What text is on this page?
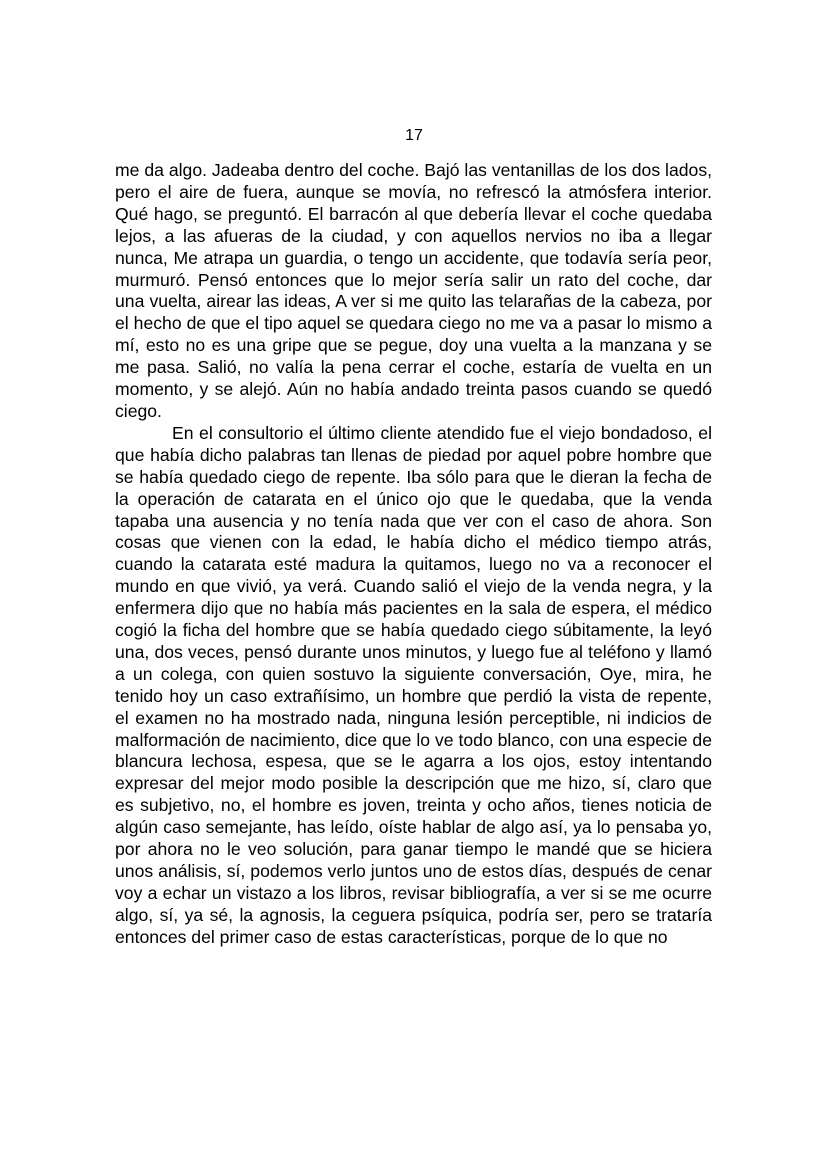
17

me da algo. Jadeaba dentro del coche. Bajó las ventanillas de los dos lados, pero el aire de fuera, aunque se movía, no refrescó la atmósfera interior. Qué hago, se preguntó. El barracón al que debería llevar el coche quedaba lejos, a las afueras de la ciudad, y con aquellos nervios no iba a llegar nunca, Me atrapa un guardia, o tengo un accidente, que todavía sería peor, murmuró. Pensó entonces que lo mejor sería salir un rato del coche, dar una vuelta, airear las ideas, A ver si me quito las telarañas de la cabeza, por el hecho de que el tipo aquel se quedara ciego no me va a pasar lo mismo a mí, esto no es una gripe que se pegue, doy una vuelta a la manzana y se me pasa. Salió, no valía la pena cerrar el coche, estaría de vuelta en un momento, y se alejó. Aún no había andado treinta pasos cuando se quedó ciego.

En el consultorio el último cliente atendido fue el viejo bondadoso, el que había dicho palabras tan llenas de piedad por aquel pobre hombre que se había quedado ciego de repente. Iba sólo para que le dieran la fecha de la operación de catarata en el único ojo que le quedaba, que la venda tapaba una ausencia y no tenía nada que ver con el caso de ahora. Son cosas que vienen con la edad, le había dicho el médico tiempo atrás, cuando la catarata esté madura la quitamos, luego no va a reconocer el mundo en que vivió, ya verá. Cuando salió el viejo de la venda negra, y la enfermera dijo que no había más pacientes en la sala de espera, el médico cogió la ficha del hombre que se había quedado ciego súbitamente, la leyó una, dos veces, pensó durante unos minutos, y luego fue al teléfono y llamó a un colega, con quien sostuvo la siguiente conversación, Oye, mira, he tenido hoy un caso extrañísimo, un hombre que perdió la vista de repente, el examen no ha mostrado nada, ninguna lesión perceptible, ni indicios de malformación de nacimiento, dice que lo ve todo blanco, con una especie de blancura lechosa, espesa, que se le agarra a los ojos, estoy intentando expresar del mejor modo posible la descripción que me hizo, sí, claro que es subjetivo, no, el hombre es joven, treinta y ocho años, tienes noticia de algún caso semejante, has leído, oíste hablar de algo así, ya lo pensaba yo, por ahora no le veo solución, para ganar tiempo le mandé que se hiciera unos análisis, sí, podemos verlo juntos uno de estos días, después de cenar voy a echar un vistazo a los libros, revisar bibliografía, a ver si se me ocurre algo, sí, ya sé, la agnosis, la ceguera psíquica, podría ser, pero se trataría entonces del primer caso de estas características, porque de lo que no
